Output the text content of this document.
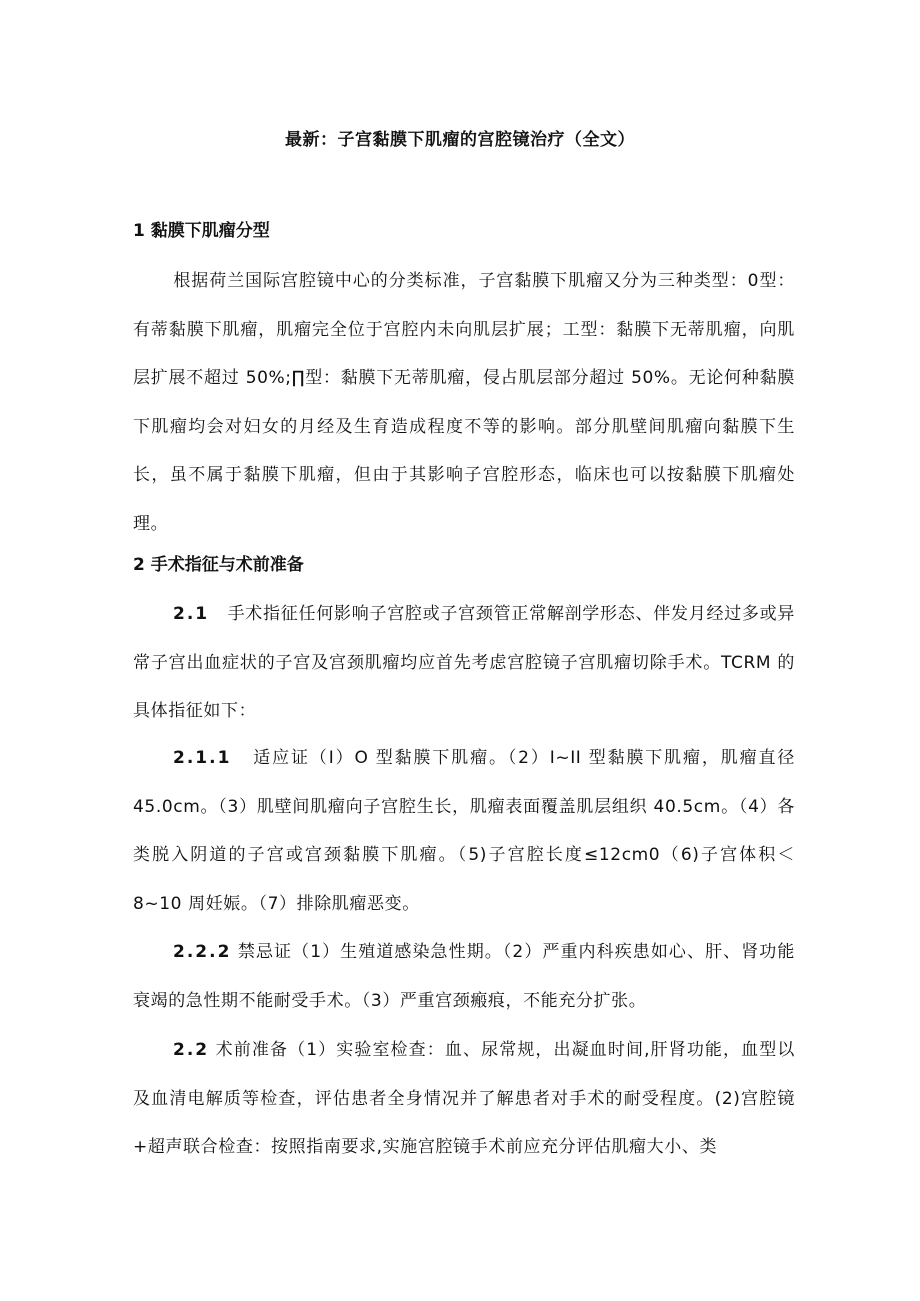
最新：子宫黏膜下肌瘤的宫腔镜治疗（全文）
1 黏膜下肌瘤分型

根据荷兰国际宫腔镜中心的分类标准，子宫黏膜下肌瘤又分为三种类型：0型：有蒂黏膜下肌瘤，肌瘤完全位于宫腔内未向肌层扩展；工型：黏膜下无蒂肌瘤，向肌层扩展不超过 50%;∏型：黏膜下无蒂肌瘤，侵占肌层部分超过 50%。无论何种黏膜下肌瘤均会对妇女的月经及生育造成程度不等的影响。部分肌壁间肌瘤向黏膜下生长，虽不属于黏膜下肌瘤，但由于其影响子宫腔形态，临床也可以按黏膜下肌瘤处理。

2 手术指征与术前准备

2.1 手术指征任何影响子宫腔或子宫颈管正常解剖学形态、伴发月经过多或异常子宫出血症状的子宫及宫颈肌瘤均应首先考虑宫腔镜子宫肌瘤切除手术。TCRM 的具体指征如下：

2.1.1 适应证（I）O 型黏膜下肌瘤。（2）I~II 型黏膜下肌瘤，肌瘤直径45.0cm。（3）肌壁间肌瘤向子宫腔生长，肌瘤表面覆盖肌层组织 40.5cm。（4）各类脱入阴道的子宫或宫颈黏膜下肌瘤。（5)子宫腔长度≤12cm0（6)子宫体积＜8~10 周妊娠。（7）排除肌瘤恶变。

2.2.2 禁忌证（1）生殖道感染急性期。（2）严重内科疾患如心、肝、肾功能衰竭的急性期不能耐受手术。（3）严重宫颈瘢痕，不能充分扩张。

2.2 术前准备（1）实验室检查：血、尿常规，出凝血时间,肝肾功能，血型以及血清电解质等检查，评估患者全身情况并了解患者对手术的耐受程度。(2)宫腔镜+超声联合检查：按照指南要求,实施宫腔镜手术前应充分评估肌瘤大小、类
